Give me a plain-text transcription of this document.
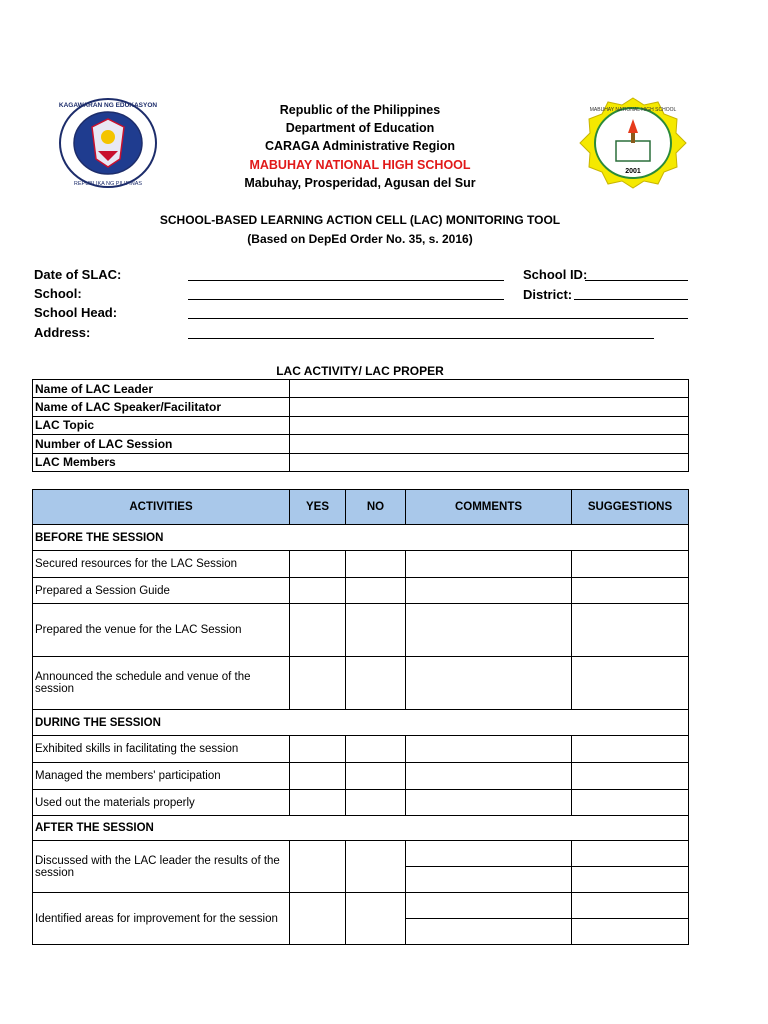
KAGAWARAN NG EDUKASYON
REPUBLIKA NG PILIPINAS
2001
MABUHAY NATIONAL HIGH SCHOOL
Republic of the Philippines
Department of Education
CARAGA Administrative Region
MABUHAY NATIONAL HIGH SCHOOL
Mabuhay, Prosperidad, Agusan del Sur
SCHOOL-BASED LEARNING ACTION CELL (LAC) MONITORING TOOL
(Based on DepEd Order No. 35, s. 2016)
Date of SLAC:	School ID:
School:	District:
School Head:
Address:
LAC ACTIVITY/ LAC PROPER
Name of LAC Leader	
Name of LAC Speaker/Facilitator	
LAC Topic	
Number of LAC Session	
LAC Members	
ACTIVITIES	YES	NO	COMMENTS	SUGGESTIONS
BEFORE THE SESSION				
Secured resources for the LAC Session				
Prepared a Session Guide				
Prepared the venue for the LAC Session				
Announced the schedule and venue of the session				
DURING THE SESSION				
Exhibited skills in facilitating the session				
Managed the members' participation				
Used out the materials properly				
AFTER THE SESSION				
Discussed with the LAC leader the results of the session				

Identified areas for improvement for the session				
